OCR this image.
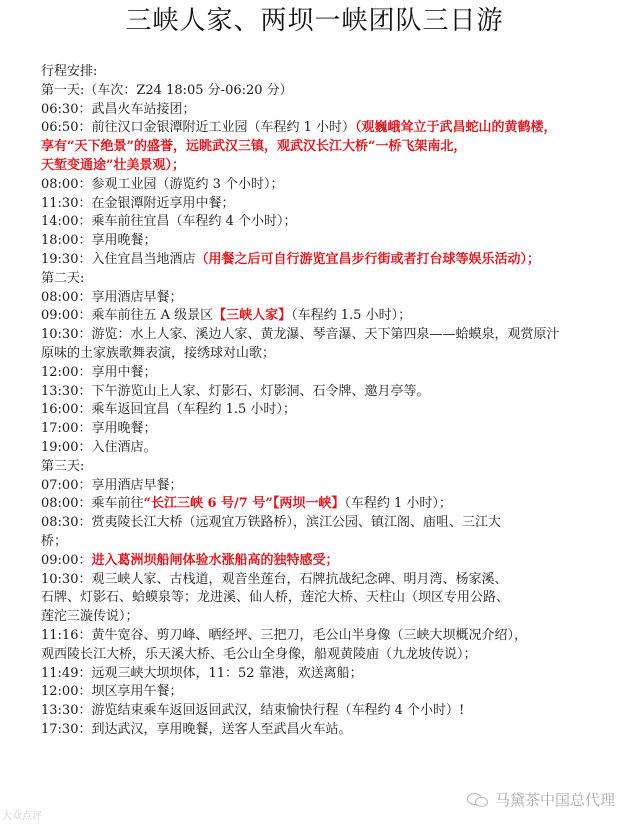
三峡人家、两坝一峡团队三日游
行程安排:
第一天:（车次：Z24 18:05 分-06:20 分）
06:30：武昌火车站接团；
06:50：前往汉口金银潭附近工业园（车程约 1 小时）（观巍峨耸立于武昌蛇山的黄鹤楼，
享有“天下绝景”的盛誉，远眺武汉三镇，观武汉长江大桥“一桥飞架南北，
天堑变通途”壮美景观）；
08:00：参观工业园（游览约 3 个小时）；
11:30：在金银潭附近享用中餐；
14:00：乘车前往宜昌（车程约 4 个小时）；
18:00：享用晚餐；
19:30：入住宜昌当地酒店（用餐之后可自行游览宜昌步行街或者打台球等娱乐活动）；
第二天:
08:00：享用酒店早餐；
09:00：乘车前往五 A 级景区【三峡人家】（车程约 1.5 小时）；
10:30：游览：水上人家、溪边人家、黄龙瀑、琴音瀑、天下第四泉——蛤蟆泉，观赏原汁
原味的土家族歌舞表演，接绣球对山歌；
12:00：享用中餐；
13:30：下午游览山上人家、灯影石、灯影洞、石令牌、邀月亭等。
16:00：乘车返回宜昌（车程约 1.5 小时）；
17:00：享用晚餐；
19:00：入住酒店。
第三天:
07:00：享用酒店早餐；
08:00：乘车前往“长江三峡 6 号/7 号”【两坝一峡】（车程约 1 小时）；
08:30：赏夷陵长江大桥（远观宜万铁路桥），滨江公园、镇江阁、庙咀、三江大
桥；
09:00：进入葛洲坝船闸体验水涨船高的独特感受；
10:30：观三峡人家、古栈道，观音坐莲台，石牌抗战纪念碑、明月湾、杨家溪、
石牌、灯影石、蛤蟆泉等；龙进溪、仙人桥，莲沱大桥、天柱山（坝区专用公路、
莲沱三漩传说）；
11:16：黄牛宽谷、剪刀峰、晒经坪、三把刀，毛公山半身像（三峡大坝概况介绍），
观西陵长江大桥，乐天溪大桥、毛公山全身像，船观黄陵庙（九龙坡传说）；
11:49：远观三峡大坝坝体，11：52 靠港，欢送离船；
12:00：坝区享用午餐；
13:30：游览结束乘车返回返回武汉，结束愉快行程（车程约 4 个小时）!
17:30：到达武汉，享用晚餐，送客人至武昌火车站。
大众点评
马黛茶中国总代理
